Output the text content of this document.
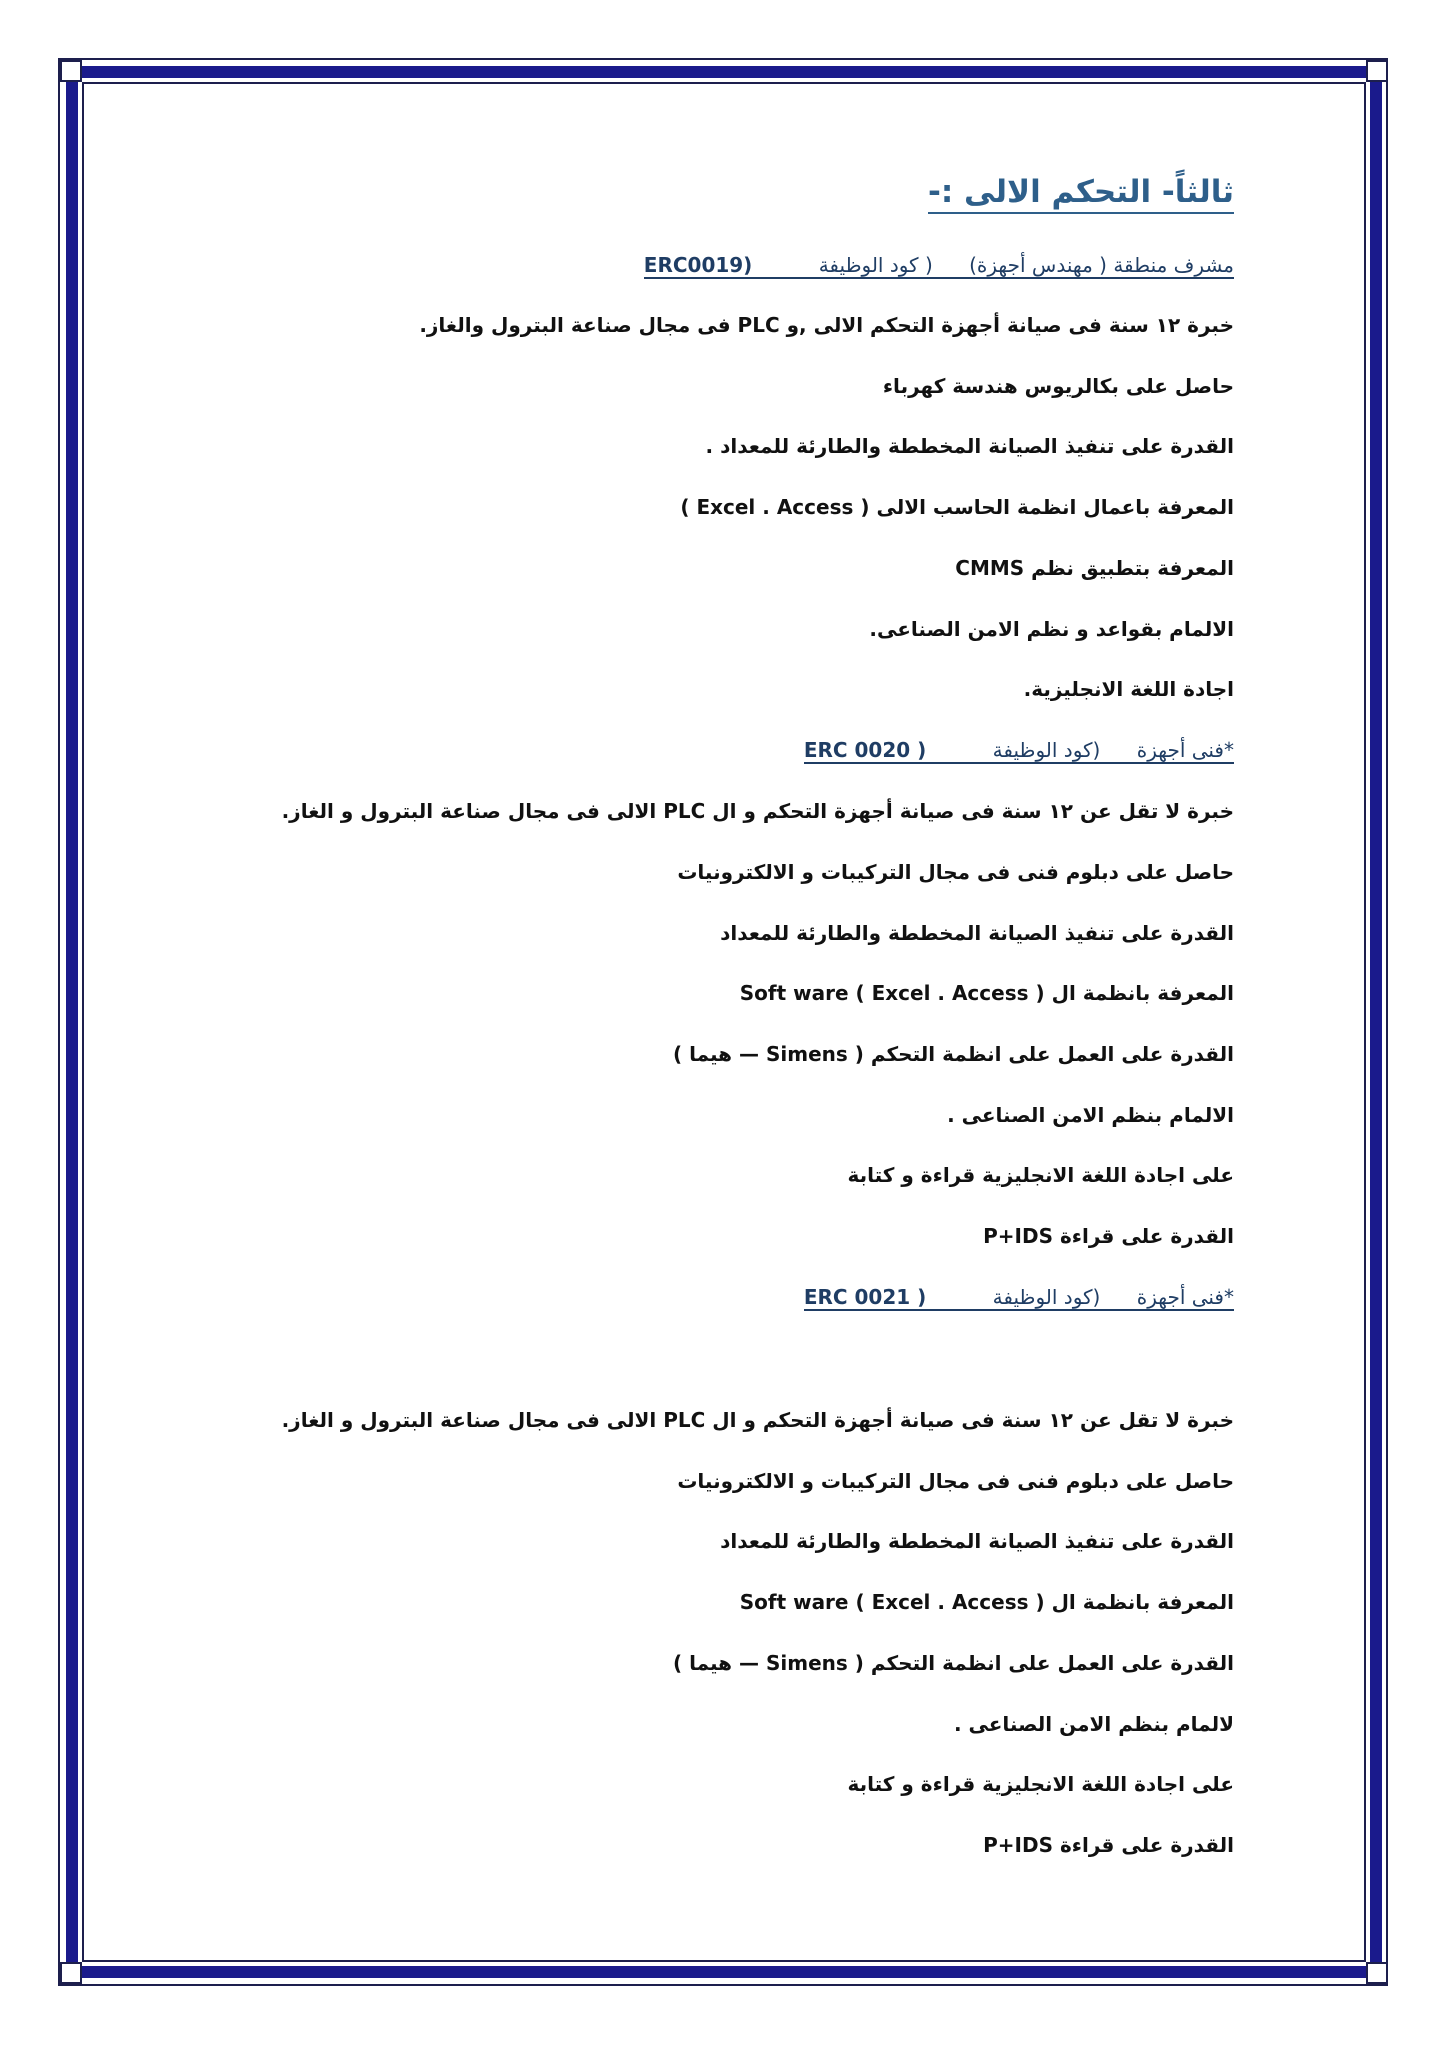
ثالثاً- التحكم الالى :-
مشرف منطقة ( مهندس أجهزة) ( كود الوظيفة ERC0019)
خبرة ١٢ سنة فى صيانة أجهزة التحكم الالى ,و PLC فى مجال صناعة البترول والغاز.
حاصل على بكالريوس هندسة كهرباء
القدرة على تنفيذ الصيانة المخططة والطارئة للمعداد .
المعرفة باعمال انظمة الحاسب الالى ( Excel . Access )
المعرفة بتطبيق نظم CMMS
الالمام بقواعد و نظم الامن الصناعى.
اجادة اللغة الانجليزية.
*فنى أجهزة (كود الوظيفة ERC 0020 )
خبرة لا تقل عن ١٢ سنة فى صيانة أجهزة التحكم و ال PLC الالى فى مجال صناعة البترول و الغاز.
حاصل على دبلوم فنى فى مجال التركيبات و الالكترونيات
القدرة على تنفيذ الصيانة المخططة والطارئة للمعداد
المعرفة بانظمة ال Soft ware ( Excel . Access )
القدرة على العمل على انظمة التحكم ( Simens — هيما )
الالمام بنظم الامن الصناعى .
على اجادة اللغة الانجليزية قراءة و كتابة
القدرة على قراءة P+IDS
*فنى أجهزة (كود الوظيفة ERC 0021 )
خبرة لا تقل عن ١٢ سنة فى صيانة أجهزة التحكم و ال PLC الالى فى مجال صناعة البترول و الغاز.
حاصل على دبلوم فنى فى مجال التركيبات و الالكترونيات
القدرة على تنفيذ الصيانة المخططة والطارئة للمعداد
المعرفة بانظمة ال ( Excel . Access ) Soft ware
القدرة على العمل على انظمة التحكم ( Simens — هيما )
لالمام بنظم الامن الصناعى .
على اجادة اللغة الانجليزية قراءة و كتابة
القدرة على قراءة P+IDS
